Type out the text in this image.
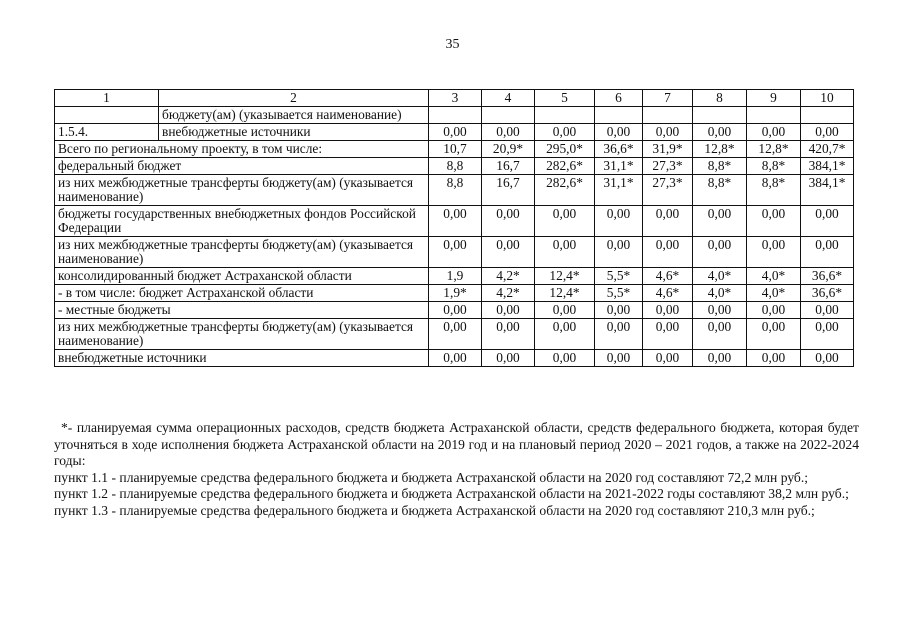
35
1	2	3	4	5	6	7	8	9	10
	бюджету(ам) (указывается наименование)								
1.5.4.	внебюджетные источники	0,00	0,00	0,00	0,00	0,00	0,00	0,00	0,00
Всего по региональному проекту, в том числе:		10,7	20,9*	295,0*	36,6*	31,9*	12,8*	12,8*	420,7*
федеральный бюджет		8,8	16,7	282,6*	31,1*	27,3*	8,8*	8,8*	384,1*
из них межбюджетные трансферты бюджету(ам) (указывается наименование)		8,8	16,7	282,6*	31,1*	27,3*	8,8*	8,8*	384,1*
бюджеты государственных внебюджетных фондов Российской Федерации		0,00	0,00	0,00	0,00	0,00	0,00	0,00	0,00
из них межбюджетные трансферты бюджету(ам) (указывается наименование)		0,00	0,00	0,00	0,00	0,00	0,00	0,00	0,00
консолидированный бюджет Астраханской области		1,9	4,2*	12,4*	5,5*	4,6*	4,0*	4,0*	36,6*
- в том числе: бюджет Астраханской области		1,9*	4,2*	12,4*	5,5*	4,6*	4,0*	4,0*	36,6*
- местные бюджеты		0,00	0,00	0,00	0,00	0,00	0,00	0,00	0,00
из них межбюджетные трансферты бюджету(ам) (указывается наименование)		0,00	0,00	0,00	0,00	0,00	0,00	0,00	0,00
внебюджетные источники		0,00	0,00	0,00	0,00	0,00	0,00	0,00	0,00

*- планируемая сумма операционных расходов, средств бюджета Астраханской области, средств федерального бюджета, которая будет уточняться в ходе исполнения бюджета Астраханской области на 2019 год и на плановый период 2020 – 2021 годов, а также на 2022-2024 годы:

пункт 1.1 - планируемые средства федерального бюджета и бюджета Астраханской области на 2020 год составляют 72,2 млн руб.;

пункт 1.2 - планируемые средства федерального бюджета и бюджета Астраханской области на 2021-2022 годы составляют 38,2 млн руб.;

пункт 1.3 - планируемые средства федерального бюджета и бюджета Астраханской области на 2020 год составляют 210,3 млн руб.;
